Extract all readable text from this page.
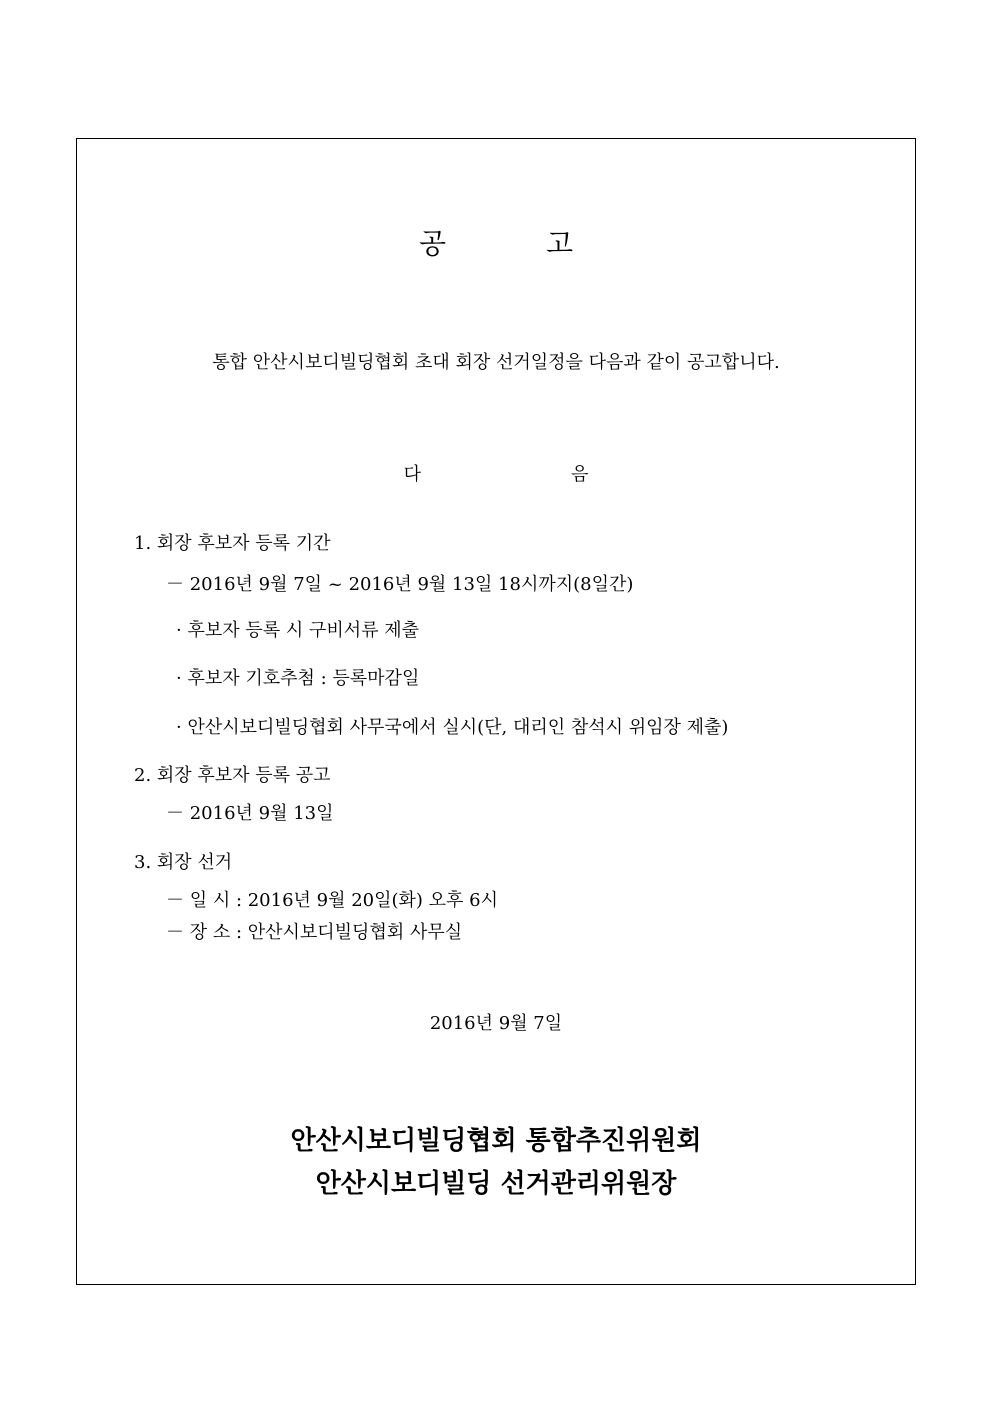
공	고
통합 안산시보디빌딩협회 초대 회장 선거일정을 다음과 같이 공고합니다.
다	음
1. 회장 후보자 등록 기간
－ 2016년 9월 7일 ~ 2016년 9월 13일 18시까지(8일간)
· 후보자 등록 시 구비서류 제출
· 후보자 기호추첨 : 등록마감일
· 안산시보디빌딩협회 사무국에서 실시(단, 대리인 참석시 위임장 제출)
2. 회장 후보자 등록 공고
－ 2016년 9월 13일
3. 회장 선거
－ 일 시 : 2016년 9월 20일(화) 오후 6시
－ 장 소 : 안산시보디빌딩협회 사무실
2016년 9월 7일
안산시보디빌딩협회 통합추진위원회
안산시보디빌딩 선거관리위원장
